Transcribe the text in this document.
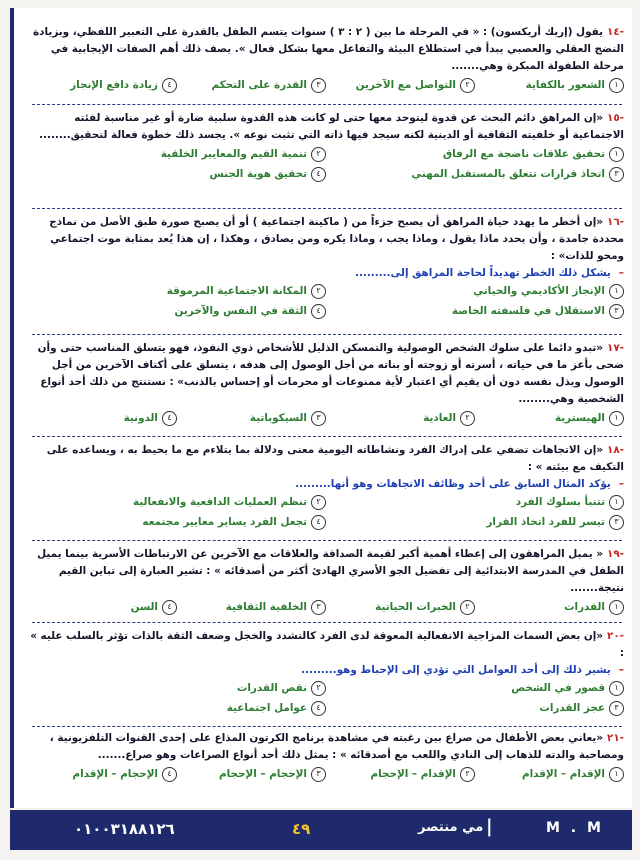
-١٤يقول (إريك أريكسون) : « في المرحلة ما بين ( ٢ : ٣ ) سنوات يتسم الطفل بالقدرة على التعبير اللفظي، وبزيادة النضج العقلي والعصبي يبدأ في استطلاع البيئة والتفاعل معها بشكل فعال ». يصف ذلك أهم الصفات الإيجابية في مرحلة الطفولة المبكرة وهي.......
١
الشعور بالكفاية
٢
التواصل مع الآخرين
٣
القدرة على التحكم
٤
زيادة دافع الإنجاز
-١٥«إن المراهق دائم البحث عن قدوة ليتوحد معها حتى لو كانت هذه القدوة سلبية ضارة أو غير مناسبة لفئته الاجتماعية أو خلفيته الثقافية أو الدينية لكنه سيجد فيها ذاته التي تثبت نوعه ». يجسد ذلك خطوة فعالة لتحقيق........
١
تحقيق علاقات ناضجة مع الرفاق
٢
تنمية القيم والمعايير الخلقية
٣
اتخاذ قرارات تتعلق بالمستقبل المهني
٤
تحقيق هوية الجنس
-١٦«إن أخطر ما يهدد حياة المراهق أن يصبح جزءاً من ( ماكينة اجتماعية ) أو أن يصبح صورة طبق الأصل من نماذج محددة جامدة ، وأن يحدد ماذا يقول ، وماذا يجب ، وماذا يكره ومن يصادق ، وهكذا ، إن هذا يُعد بمثابة موت اجتماعي ومحو للذات» :
–يشكل ذلك الخطر تهديداً لحاجة المراهق إلى.........
١
الإنجاز الأكاديمي والحياتي
٢
المكانة الاجتماعية المرموقة
٣
الاستقلال في فلسفته الخاصة
٤
الثقة في النفس والآخرين
-١٧«تبدو دائما على سلوك الشخص الوصولية والتمسكن الذليل للأشخاص ذوي النفوذ، فهو يتسلق المناسب حتى وأن ضحى بأعز ما في حياته ، أسرته أو زوجته أو بناته من أجل الوصول إلى هدفه ، يتسلق على أكتاف الآخرين من أجل الوصول ويذل نفسه دون أن يقيم أي اعتبار لأية ممنوعات أو محرمات أو إحساس بالذنب» : نستنتج من ذلك أحد أنواع الشخصية وهي........
١
الهيسترية
٢
العادية
٣
السيكوباتية
٤
الدونية
-١٨«إن الاتجاهات تضفي على إدراك الفرد ونشاطاته اليومية معنى ودلالة بما يتلاءم مع ما يحيط به ، ويساعده على التكيف مع بيئته » :
–يؤكد المثال السابق على أحد وظائف الاتجاهات وهو أنها.........
١
تتنبأ بسلوك الفرد
٢
تنظم العمليات الدافعية والانفعالية
٣
تيسر للفرد اتخاذ القرار
٤
تجعل الفرد يساير معايير مجتمعه
-١٩« يميل المراهقون إلى إعطاء أهمية أكبر لقيمة الصداقة والعلاقات مع الآخرين عن الارتباطات الأسرية بينما يميل الطفل في المدرسة الابتدائية إلى تفضيل الجو الأسري الهادئ أكثر من أصدقائه » : تشير العبارة إلى تباين القيم نتيجة.......
١
القدرات
٢
الخبرات الحياتية
٣
الخلفية الثقافية
٤
السن
-٢٠«إن بعض السمات المزاجية الانفعالية المعوقة لدى الفرد كالتشدد والخجل وضعف الثقة بالذات تؤثر بالسلب عليه » :
–يشير ذلك إلى أحد العوامل التي تؤدي إلى الإحباط وهو.........
١
قصور في الشخص
٢
نقص القدرات
٣
عجز القدرات
٤
عوامل اجتماعية
-٢١«يعاني بعض الأطفال من صراع بين رغبته في مشاهدة برنامج الكرتون المذاع على إحدى القنوات التلفزيونية ، ومصاحبة والدته للذهاب إلى النادي واللعب مع أصدقائه » : يمثل ذلك أحد أنواع الصراعات وهو صراع.......
١
الإقدام – الإقدام
٢
الإقدام – الإحجام
٣
الإحجام – الإحجام
٤
الإحجام – الإقدام
٠١٠٠٣١٨٨١٢٦	٤٩	مي منتصر |	M . M
